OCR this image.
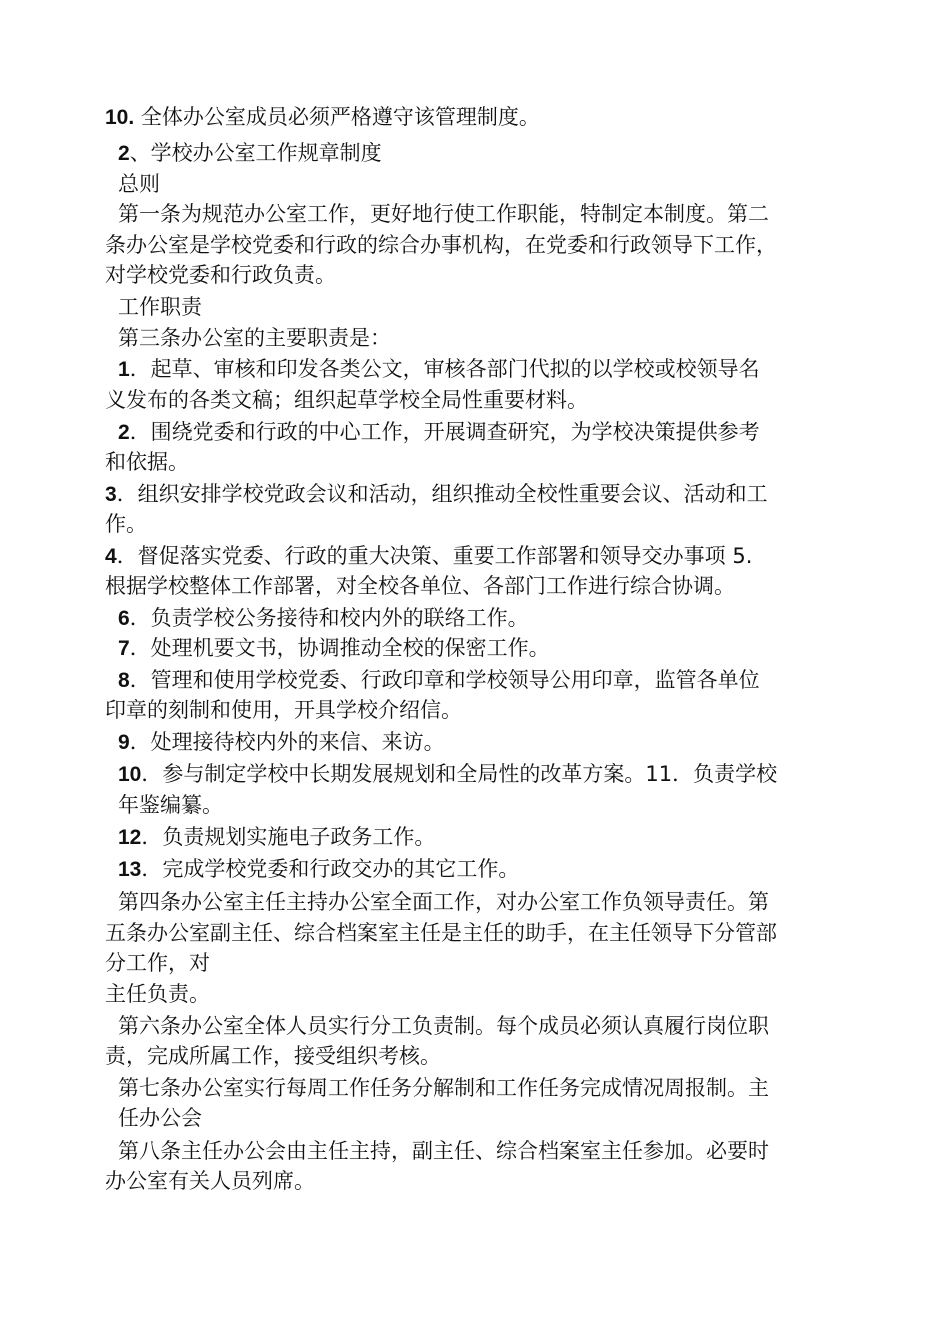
10. 全体办公室成员必须严格遵守该管理制度。

2、学校办公室工作规章制度

总则

第一条为规范办公室工作，更好地行使工作职能，特制定本制度。第二

条办公室是学校党委和行政的综合办事机构，在党委和行政领导下工作，

对学校党委和行政负责。

工作职责

第三条办公室的主要职责是：

1．起草、审核和印发各类公文，审核各部门代拟的以学校或校领导名

义发布的各类文稿；组织起草学校全局性重要材料。

2．围绕党委和行政的中心工作，开展调查研究，为学校决策提供参考

和依据。

3．组织安排学校党政会议和活动，组织推动全校性重要会议、活动和工

作。

4．督促落实党委、行政的重大决策、重要工作部署和领导交办事项 5.

根据学校整体工作部署，对全校各单位、各部门工作进行综合协调。

6．负责学校公务接待和校内外的联络工作。

7．处理机要文书，协调推动全校的保密工作。

8．管理和使用学校党委、行政印章和学校领导公用印章，监管各单位

印章的刻制和使用，开具学校介绍信。

9．处理接待校内外的来信、来访。

10．参与制定学校中长期发展规划和全局性的改革方案。11．负责学校

年鉴编纂。

12．负责规划实施电子政务工作。

13．完成学校党委和行政交办的其它工作。

第四条办公室主任主持办公室全面工作，对办公室工作负领导责任。第

五条办公室副主任、综合档案室主任是主任的助手，在主任领导下分管部

分工作，对

主任负责。

第六条办公室全体人员实行分工负责制。每个成员必须认真履行岗位职

责，完成所属工作，接受组织考核。

第七条办公室实行每周工作任务分解制和工作任务完成情况周报制。主

任办公会

第八条主任办公会由主任主持，副主任、综合档案室主任参加。必要时

办公室有关人员列席。
